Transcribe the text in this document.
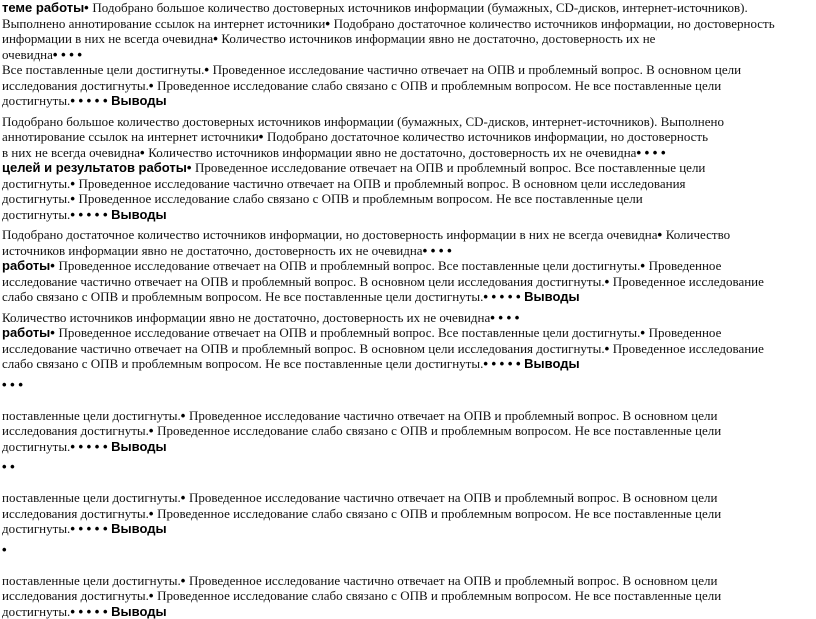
теме работы• Подобрано большое количество достоверных источников информации (бумажных, CD-дисков, интернет-источников).

Выполнено аннотирование ссылок на интернет источники• Подобрано достаточное количество источников информации, но достоверность

информации в них не всегда очевидна• Количество источников информации явно не достаточно, достоверность их не

очевидна• • • •

Все поставленные цели достигнуты.• Проведенное исследование частично отвечает на ОПВ и проблемный вопрос. В основном цели

исследования достигнуты.• Проведенное исследование слабо связано с ОПВ и проблемным вопросом. Не все поставленные цели

достигнуты.• • • • • Выводы

Подобрано большое количество достоверных источников информации (бумажных, CD-дисков, интернет-источников). Выполнено

аннотирование ссылок на интернет источники• Подобрано достаточное количество источников информации, но достоверность

в них не всегда очевидна• Количество источников информации явно не достаточно, достоверность их не очевидна• • • •

целей и результатов работы• Проведенное исследование отвечает на ОПВ и проблемный вопрос. Все поставленные цели

достигнуты.• Проведенное исследование частично отвечает на ОПВ и проблемный вопрос. В основном цели исследования

достигнуты.• Проведенное исследование слабо связано с ОПВ и проблемным вопросом. Не все поставленные цели

достигнуты.• • • • • Выводы

Подобрано достаточное количество источников информации, но достоверность информации в них не всегда очевидна• Количество

источников информации явно не достаточно, достоверность их не очевидна• • • •

работы• Проведенное исследование отвечает на ОПВ и проблемный вопрос. Все поставленные цели достигнуты.• Проведенное

исследование частично отвечает на ОПВ и проблемный вопрос. В основном цели исследования достигнуты.• Проведенное исследование

слабо связано с ОПВ и проблемным вопросом. Не все поставленные цели достигнуты.• • • • • Выводы

Количество источников информации явно не достаточно, достоверность их не очевидна• • • •

работы• Проведенное исследование отвечает на ОПВ и проблемный вопрос. Все поставленные цели достигнуты.• Проведенное

исследование частично отвечает на ОПВ и проблемный вопрос. В основном цели исследования достигнуты.• Проведенное исследование

слабо связано с ОПВ и проблемным вопросом. Не все поставленные цели достигнуты.• • • • • Выводы

• • •

поставленные цели достигнуты.• Проведенное исследование частично отвечает на ОПВ и проблемный вопрос. В основном цели

исследования достигнуты.• Проведенное исследование слабо связано с ОПВ и проблемным вопросом. Не все поставленные цели

достигнуты.• • • • • Выводы

• •

поставленные цели достигнуты.• Проведенное исследование частично отвечает на ОПВ и проблемный вопрос. В основном цели

исследования достигнуты.• Проведенное исследование слабо связано с ОПВ и проблемным вопросом. Не все поставленные цели

достигнуты.• • • • • Выводы

•

поставленные цели достигнуты.• Проведенное исследование частично отвечает на ОПВ и проблемный вопрос. В основном цели

исследования достигнуты.• Проведенное исследование слабо связано с ОПВ и проблемным вопросом. Не все поставленные цели

достигнуты.• • • • • Выводы
